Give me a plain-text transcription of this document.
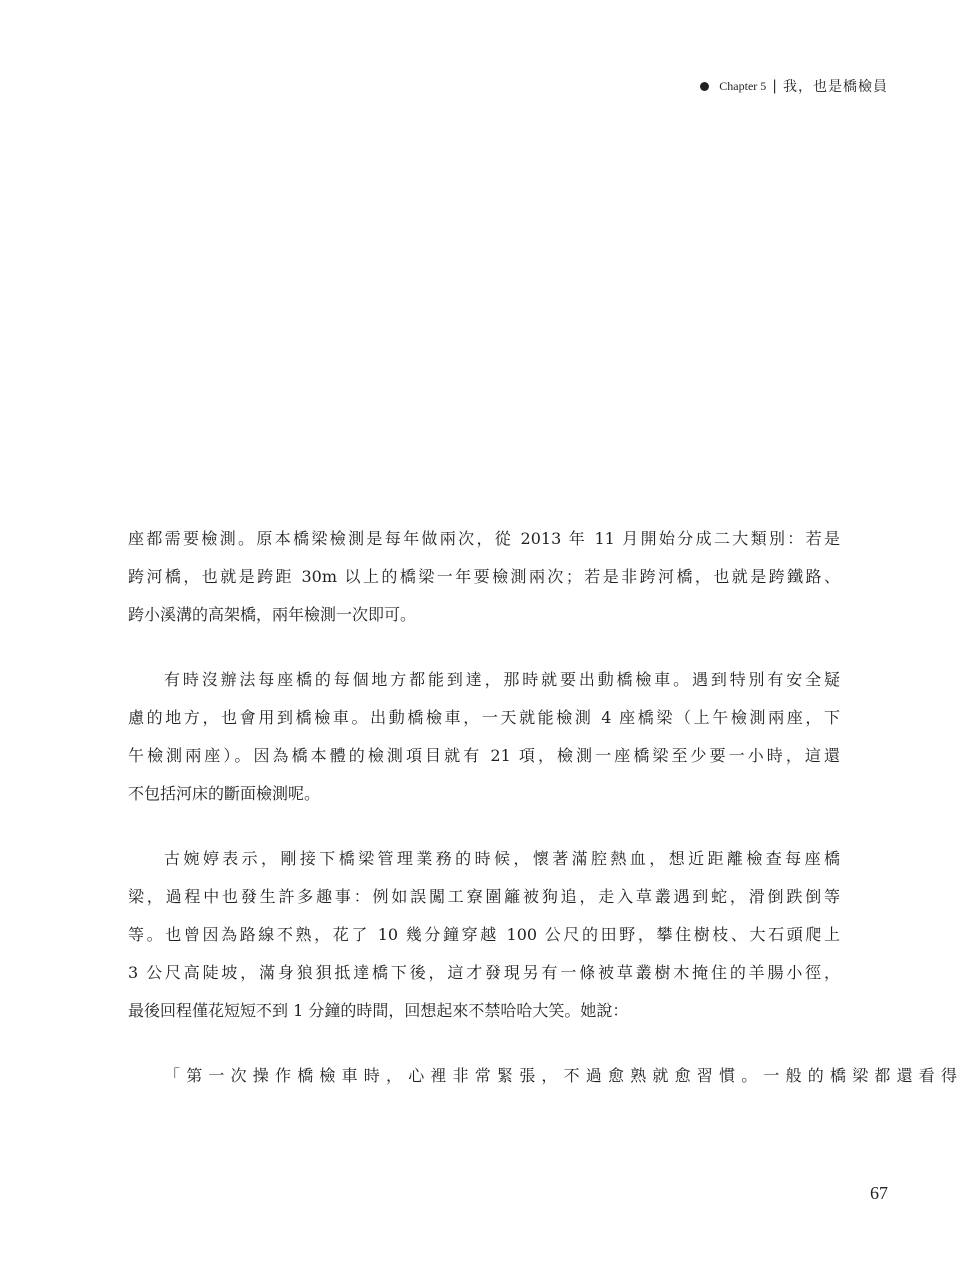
Chapter 5 | 我，也是橋檢員
座都需要檢測。原本橋梁檢測是每年做兩次，從 2013 年 11 月開始分成二大類別：若是
跨河橋，也就是跨距 30m 以上的橋梁一年要檢測兩次；若是非跨河橋，也就是跨鐵路、
跨小溪溝的高架橋，兩年檢測一次即可。
有時沒辦法每座橋的每個地方都能到達，那時就要出動橋檢車。遇到特別有安全疑
慮的地方，也會用到橋檢車。出動橋檢車，一天就能檢測 4 座橋梁（上午檢測兩座，下
午檢測兩座）。因為橋本體的檢測項目就有 21 項，檢測一座橋梁至少要一小時，這還
不包括河床的斷面檢測呢。
古婉婷表示，剛接下橋梁管理業務的時候，懷著滿腔熱血，想近距離檢查每座橋
梁，過程中也發生許多趣事：例如誤闖工寮圍籬被狗追，走入草叢遇到蛇，滑倒跌倒等
等。也曾因為路線不熟，花了 10 幾分鐘穿越 100 公尺的田野，攀住樹枝、大石頭爬上
3 公尺高陡坡，滿身狼狽抵達橋下後，這才發現另有一條被草叢樹木掩住的羊腸小徑，
最後回程僅花短短不到 1 分鐘的時間，回想起來不禁哈哈大笑。她說：
「第一次操作橋檢車時，心裡非常緊張，不過愈熟就愈習慣。一般的橋梁都還看得
67
